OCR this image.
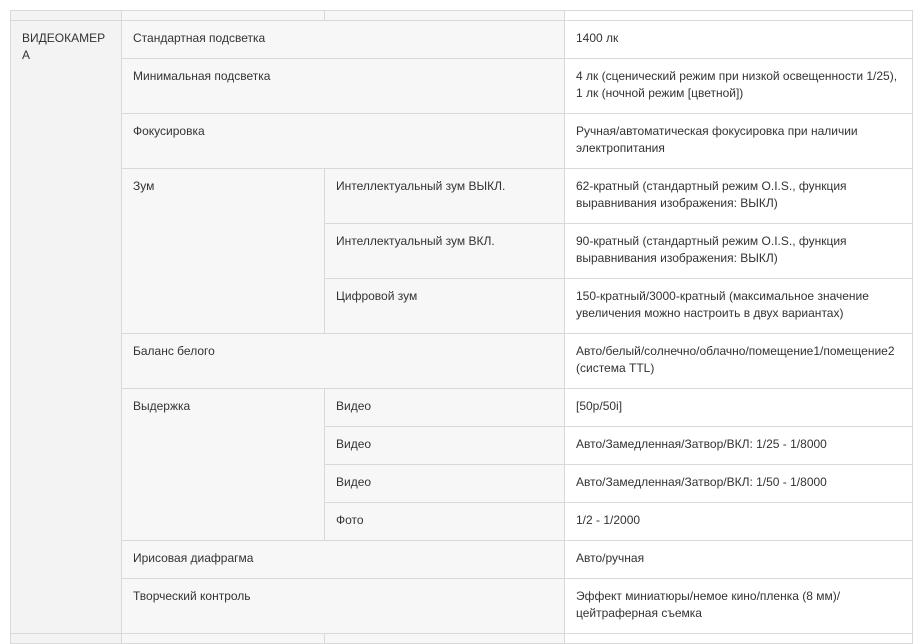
ВИДЕОКАМЕРА	Стандартная подсветка		1400 лк
	Минимальная подсветка		4 лк (сценический режим при низкой освещенности 1/25), 1 лк (ночной режим [цветной])
	Фокусировка		Ручная/автоматическая фокусировка при наличии электропитания
	Зум	Интеллектуальный зум ВЫКЛ.	62-кратный (стандартный режим O.I.S., функция выравнивания изображения: ВЫКЛ)
		Интеллектуальный зум ВКЛ.	90-кратный (стандартный режим O.I.S., функция выравнивания изображения: ВЫКЛ)
		Цифровой зум	150-кратный/3000-кратный (максимальное значение увеличения можно настроить в двух вариантах)
	Баланс белого		Авто/белый/солнечно/облачно/помещение1/помещение2 (система TTL)
	Выдержка	Видео	[50p/50i]
		Видео	Авто/Замедленная/Затвор/ВКЛ: 1/25 - 1/8000
		Видео	Авто/Замедленная/Затвор/ВКЛ: 1/50 - 1/8000
		Фото	1/2 - 1/2000
	Ирисовая диафрагма		Авто/ручная
	Творческий контроль		Эффект миниатюры/немое кино/пленка (8 мм)/цейтраферная съемка
